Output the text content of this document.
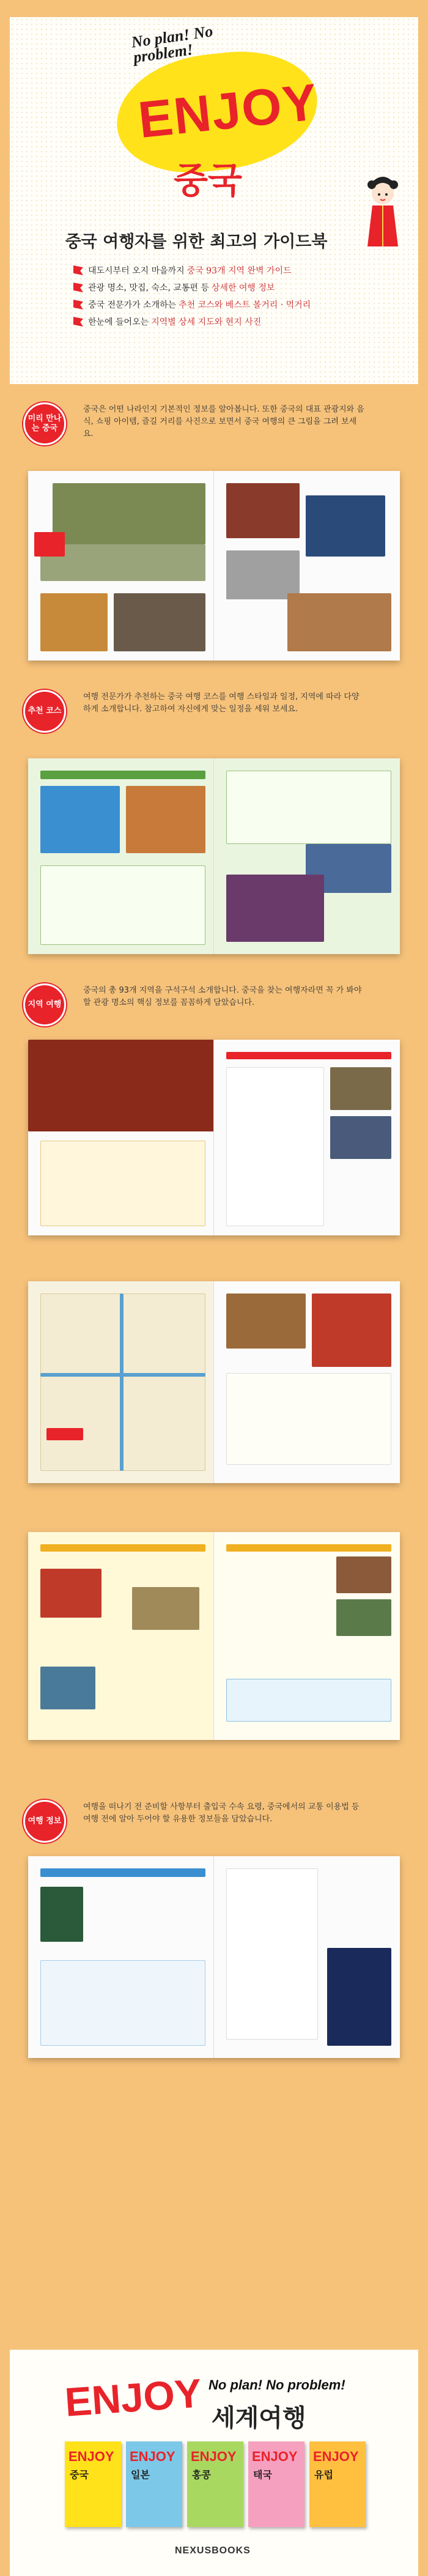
No plan! No problem!
ENJOY
중국
중국 여행자를 위한 최고의 가이드북
대도시부터 오지 마을까지 중국 93개 지역 완벽 가이드
관광 명소, 맛집, 숙소, 교통편 등 상세한 여행 정보
중국 전문가가 소개하는 추천 코스와 베스트 볼거리 · 먹거리
한눈에 들어오는 지역별 상세 지도와 현지 사진
미리 만나는 중국
중국은 어떤 나라인지 기본적인 정보를 알아봅니다. 또한 중국의 대표 관광지와 음식, 쇼핑 아이템, 즐길 거리를 사진으로 보면서 중국 여행의 큰 그림을 그려 보세요.
추천 코스
여행 전문가가 추천하는 중국 여행 코스를 여행 스타일과 일정, 지역에 따라 다양하게 소개합니다. 참고하여 자신에게 맞는 일정을 세워 보세요.
지역 여행
중국의 총 93개 지역을 구석구석 소개합니다. 중국을 찾는 여행자라면 꼭 가 봐야 할 관광 명소의 핵심 정보를 꼼꼼하게 담았습니다.
여행 정보
여행을 떠나기 전 준비할 사항부터 출입국 수속 요령, 중국에서의 교통 이용법 등 여행 전에 알아 두어야 할 유용한 정보들을 담았습니다.
ENJOY No plan! No problem!
세계여행
ENJOY
중국
ENJOY
일본
ENJOY
홍콩
ENJOY
태국
ENJOY
유럽
NEXUSBOOKS
